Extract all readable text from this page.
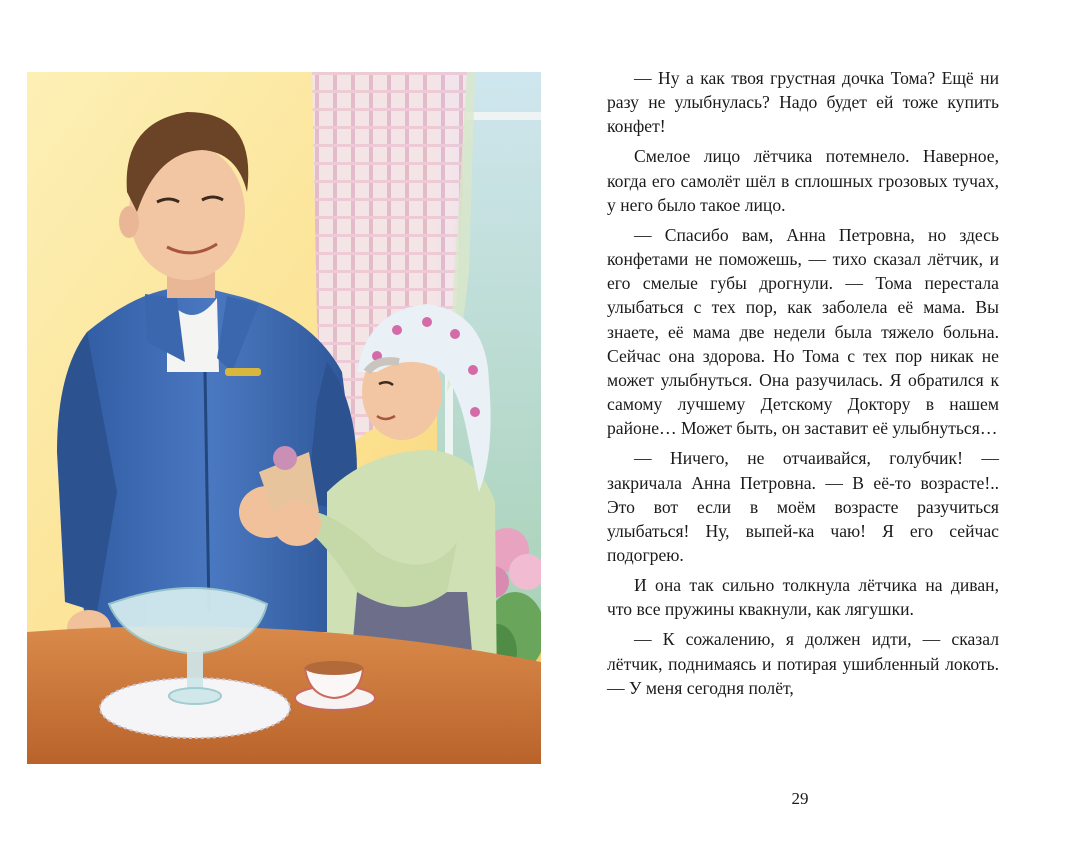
— Ну а как твоя грустная дочка Тома? Ещё ни разу не улыбнулась? Надо будет ей тоже купить конфет!

Смелое лицо лётчика потемнело. Наверное, когда его самолёт шёл в сплошных грозовых тучах, у него было такое лицо.

— Спасибо вам, Анна Петровна, но здесь конфетами не поможешь, — тихо сказал лётчик, и его смелые губы дрогнули. — Тома перестала улыбаться с тех пор, как заболела её мама. Вы знаете, её мама две недели была тяжело больна. Сейчас она здорова. Но Тома с тех пор никак не может улыбнуться. Она разучилась. Я обратился к самому лучшему Детскому Доктору в нашем районе… Может быть, он заставит её улыбнуться…

— Ничего, не отчаивайся, голубчик! — закричала Анна Петровна. — В её-то возрасте!.. Это вот если в моём возрасте разучиться улыбаться! Ну, выпей-ка чаю! Я его сейчас подогрею.

И она так сильно толкнула лётчика на диван, что все пружины квакнули, как лягушки.

— К сожалению, я должен идти, — сказал лётчик, поднимаясь и потирая ушибленный локоть. — У меня сегодня полёт,

29
